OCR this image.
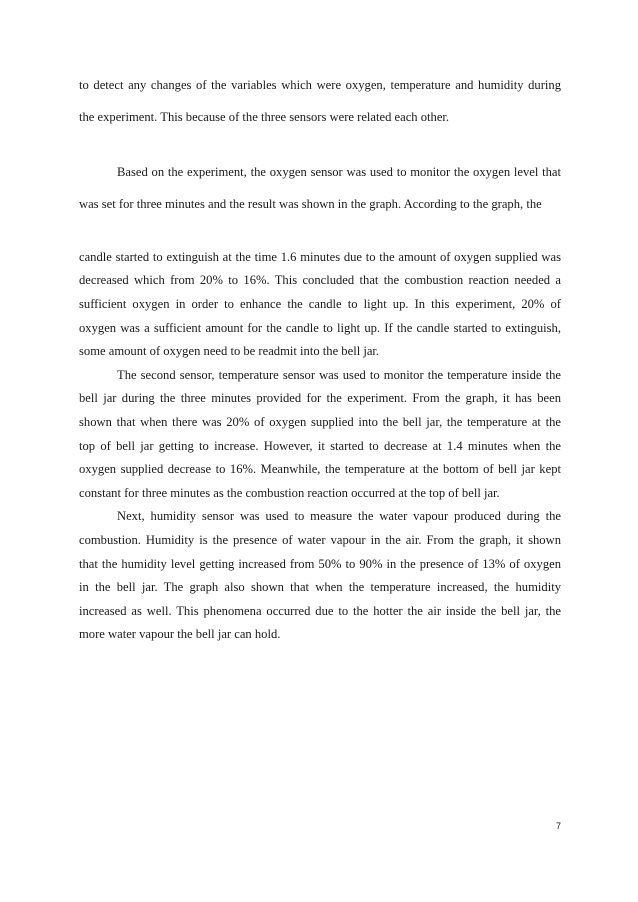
to detect any changes of the variables which were oxygen, temperature and humidity during
the experiment. This because of the three sensors were related each other.
Based on the experiment, the oxygen sensor was used to monitor the oxygen level that
was set for three minutes and the result was shown in the graph. According to the graph, the
candle started to extinguish at the time 1.6 minutes due to the amount of oxygen supplied was
decreased which from 20% to 16%. This concluded that the combustion reaction needed a
sufficient oxygen in order to enhance the candle to light up. In this experiment, 20% of
oxygen was a sufficient amount for the candle to light up. If the candle started to extinguish,
some amount of oxygen need to be readmit into the bell jar.
The second sensor, temperature sensor was used to monitor the temperature inside the
bell jar during the three minutes provided for the experiment. From the graph, it has been
shown that when there was 20% of oxygen supplied into the bell jar, the temperature at the
top of bell jar getting to increase. However, it started to decrease at 1.4 minutes when the
oxygen supplied decrease to 16%. Meanwhile, the temperature at the bottom of bell jar kept
constant for three minutes as the combustion reaction occurred at the top of bell jar.
Next, humidity sensor was used to measure the water vapour produced during the
combustion. Humidity is the presence of water vapour in the air. From the graph, it shown
that the humidity level getting increased from 50% to 90% in the presence of 13% of oxygen
in the bell jar. The graph also shown that when the temperature increased, the humidity
increased as well. This phenomena occurred due to the hotter the air inside the bell jar, the
more water vapour the bell jar can hold.
7
